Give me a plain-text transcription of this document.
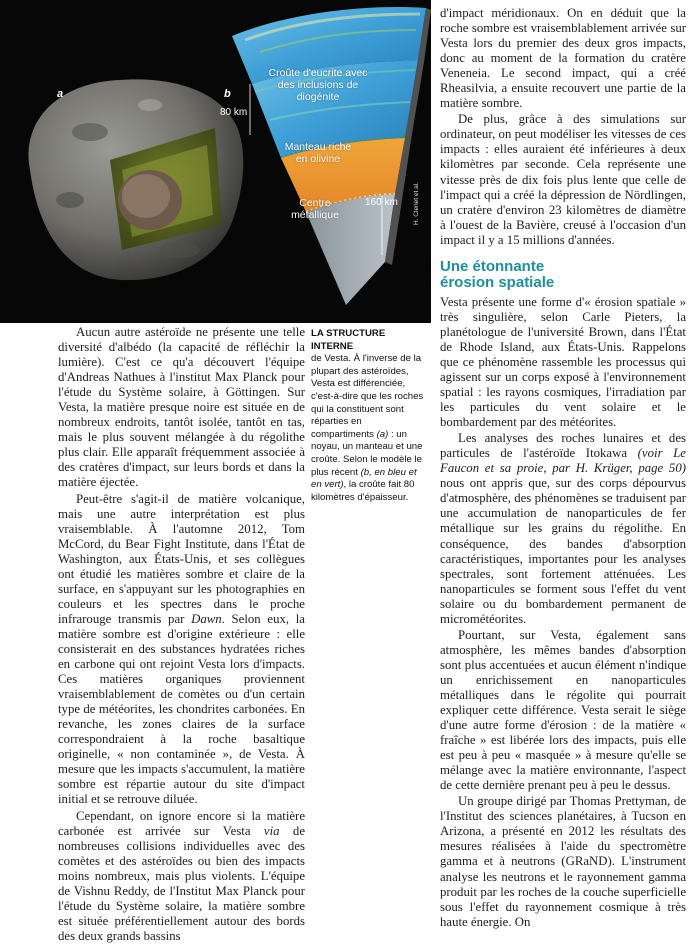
a	b
80 km
160 km
Croûte d'eucrite avec
des inclusions de diogénite
Manteau riche
en olivine
Centre
métallique	H. Clenet et al.

Aucun autre astéroïde ne présente une telle diversité d'albédo (la capacité de réfléchir la lumière). C'est ce qu'a découvert l'équipe d'Andreas Nathues à l'institut Max Planck pour l'étude du Système solaire, à Göttingen. Sur Vesta, la matière presque noire est située en de nombreux endroits, tantôt isolée, tantôt en tas, mais le plus souvent mélangée à du régolithe plus clair. Elle apparaît fréquemment associée à des cratères d'impact, sur leurs bords et dans la matière éjectée.

Peut-être s'agit-il de matière volcanique, mais une autre interprétation est plus vraisemblable. À l'automne 2012, Tom McCord, du Bear Fight Institute, dans l'État de Washington, aux États-Unis, et ses collègues ont étudié les matières sombre et claire de la surface, en s'appuyant sur les photographies en couleurs et les spectres dans le proche infrarouge transmis par Dawn. Selon eux, la matière sombre est d'origine extérieure : elle consisterait en des substances hydratées riches en carbone qui ont rejoint Vesta lors d'impacts. Ces matières organiques proviennent vraisemblablement de comètes ou d'un certain type de météorites, les chondrites carbonées. En revanche, les zones claires de la surface correspondraient à la roche basaltique originelle, « non contaminée », de Vesta. À mesure que les impacts s'accumulent, la matière sombre est répartie autour du site d'impact initial et se retrouve diluée.

Cependant, on ignore encore si la matière carbonée est arrivée sur Vesta via de nombreuses collisions individuelles avec des comètes et des astéroïdes ou bien des impacts moins nombreux, mais plus violents. L'équipe de Vishnu Reddy, de l'Institut Max Planck pour l'étude du Système solaire, la matière sombre est située préférentiellement autour des bords des deux grands bassins

LA STRUCTURE INTERNE
de Vesta. À l'inverse de la plupart des astéroïdes, Vesta est différenciée, c'est-à-dire que les roches qui la constituent sont réparties en compartiments (a) : un noyau, un manteau et une croûte. Selon le modèle le plus récent (b, en bleu et en vert), la croûte fait 80 kilomètres d'épaisseur.

d'impact méridionaux. On en déduit que la roche sombre est vraisemblablement arrivée sur Vesta lors du premier des deux gros impacts, donc au moment de la formation du cratère Veneneia. Le second impact, qui a créé Rheasilvia, a ensuite recouvert une partie de la matière sombre.

De plus, grâce à des simulations sur ordinateur, on peut modéliser les vitesses de ces impacts : elles auraient été inférieures à deux kilomètres par seconde. Cela représente une vitesse près de dix fois plus lente que celle de l'impact qui a créé la dépression de Nördlingen, un cratère d'environ 23 kilomètres de diamètre à l'ouest de la Bavière, creusé à l'occasion d'un impact il y a 15 millions d'années.

Une étonnante
érosion spatiale

Vesta présente une forme d'« érosion spatiale » très singulière, selon Carle Pieters, la planétologue de l'université Brown, dans l'État de Rhode Island, aux États-Unis. Rappelons que ce phénomène rassemble les processus qui agissent sur un corps exposé à l'environnement spatial : les rayons cosmiques, l'irradiation par les particules du vent solaire et le bombardement par des météorites.

Les analyses des roches lunaires et des particules de l'astéroïde Itokawa (voir Le Faucon et sa proie, par H. Krüger, page 50) nous ont appris que, sur des corps dépourvus d'atmosphère, des phénomènes se traduisent par une accumulation de nanoparticules de fer métallique sur les grains du régolithe. En conséquence, des bandes d'absorption caractéristiques, importantes pour les analyses spectrales, sont fortement atténuées. Les nanoparticules se forment sous l'effet du vent solaire ou du bombardement permanent de micrométéorites.

Pourtant, sur Vesta, également sans atmosphère, les mêmes bandes d'absorption sont plus accentuées et aucun élément n'indique un enrichissement en nanoparticules métalliques dans le régolite qui pourrait expliquer cette différence. Vesta serait le siège d'une autre forme d'érosion : de la matière « fraîche » est libérée lors des impacts, puis elle est peu à peu « masquée » à mesure qu'elle se mélange avec la matière environnante, l'aspect de cette dernière prenant peu à peu le dessus.

Un groupe dirigé par Thomas Prettyman, de l'Institut des sciences planétaires, à Tucson en Arizona, a présenté en 2012 les résultats des mesures réalisées à l'aide du spectromètre gamma et à neutrons (GRaND). L'instrument analyse les neutrons et le rayonnement gamma produit par les roches de la couche superficielle sous l'effet du rayonnement cosmique à très haute énergie. On
